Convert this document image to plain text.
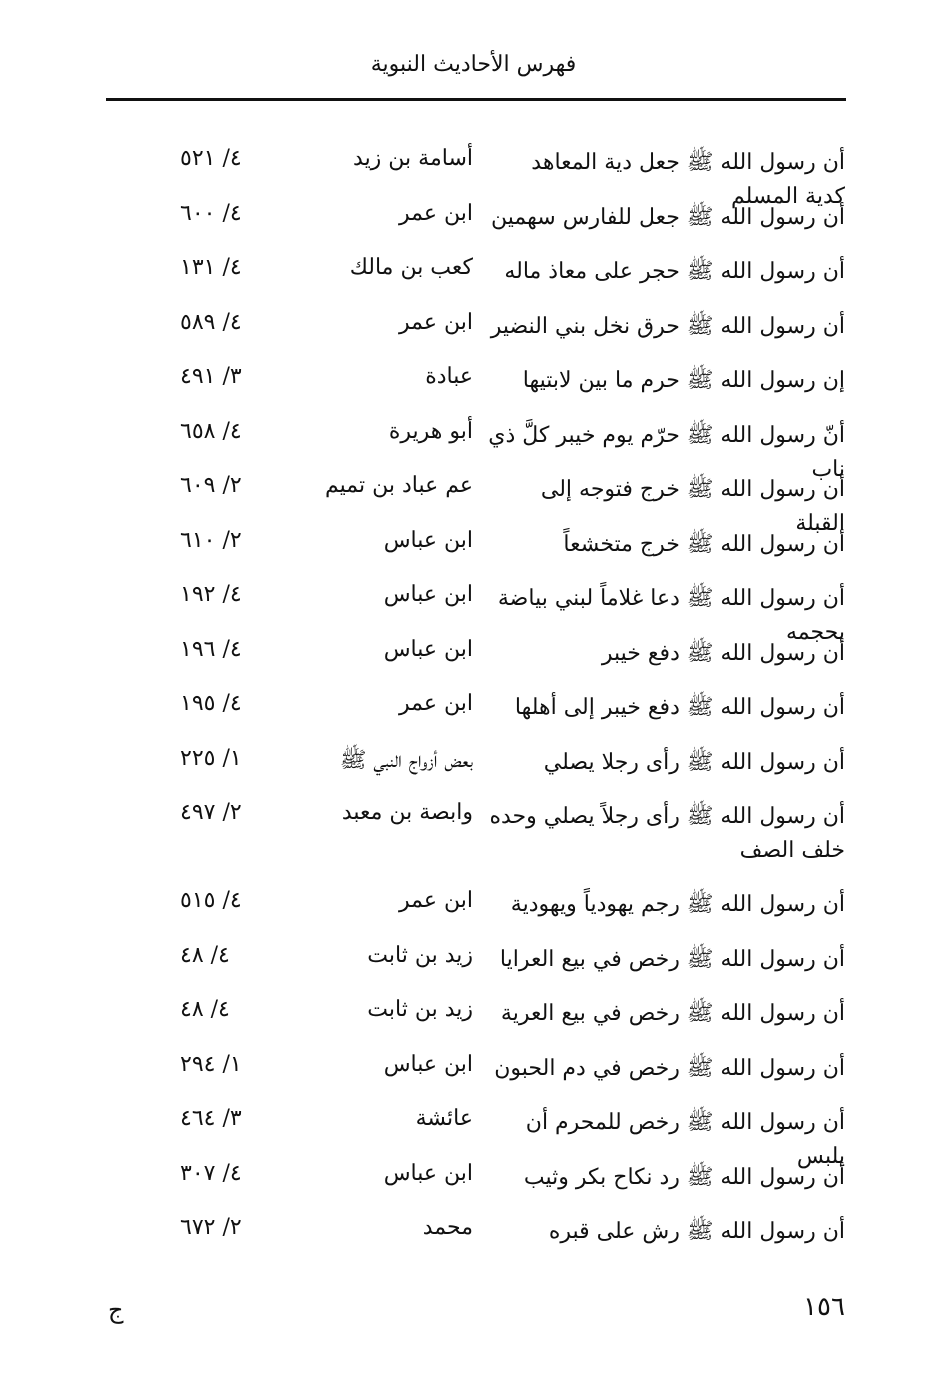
فهرس الأحاديث النبوية
أن رسول الله ﷺ جعل دية المعاهد كدية المسلم
أسامة بن زيد
٤/ ٥٢١
أن رسول الله ﷺ جعل للفارس سهمين
ابن عمر
٤/ ٦٠٠
أن رسول الله ﷺ حجر على معاذ ماله
كعب بن مالك
٤/ ١٣١
أن رسول الله ﷺ حرق نخل بني النضير
ابن عمر
٤/ ٥٨٩
إن رسول الله ﷺ حرم ما بين لابتيها
عبادة
٣/ ٤٩١
أنّ رسول الله ﷺ حرّم يوم خيبر كلَّ ذي ناب
أبو هريرة
٤/ ٦٥٨
أن رسول الله ﷺ خرج فتوجه إلى القبلة
عم عباد بن تميم
٢/ ٦٠٩
أن رسول الله ﷺ خرج متخشعاً
ابن عباس
٢/ ٦١٠
أن رسول الله ﷺ دعا غلاماً لبني بياضة بحجمه
ابن عباس
٤/ ١٩٢
أن رسول الله ﷺ دفع خيبر
ابن عباس
٤/ ١٩٦
أن رسول الله ﷺ دفع خيبر إلى أهلها
ابن عمر
٤/ ١٩٥
أن رسول الله ﷺ رأى رجلا يصلي
بعض أزواج النبي ﷺ
١/ ٢٢٥
أن رسول الله ﷺ رأى رجلاً يصلي وحده خلف الصف
وابصة بن معبد
٢/ ٤٩٧
أن رسول الله ﷺ رجم يهودياً ويهودية
ابن عمر
٤/ ٥١٥
أن رسول الله ﷺ رخص في بيع العرايا
زيد بن ثابت
٤/ ٤٨
أن رسول الله ﷺ رخص في بيع العرية
زيد بن ثابت
٤/ ٤٨
أن رسول الله ﷺ رخص في دم الحبون
ابن عباس
١/ ٢٩٤
أن رسول الله ﷺ رخص للمحرم أن يلبس
عائشة
٣/ ٤٦٤
أن رسول الله ﷺ رد نكاح بكر وثيب
ابن عباس
٤/ ٣٠٧
أن رسول الله ﷺ رش على قبره
محمد
٢/ ٦٧٢
١٥٦
ج
